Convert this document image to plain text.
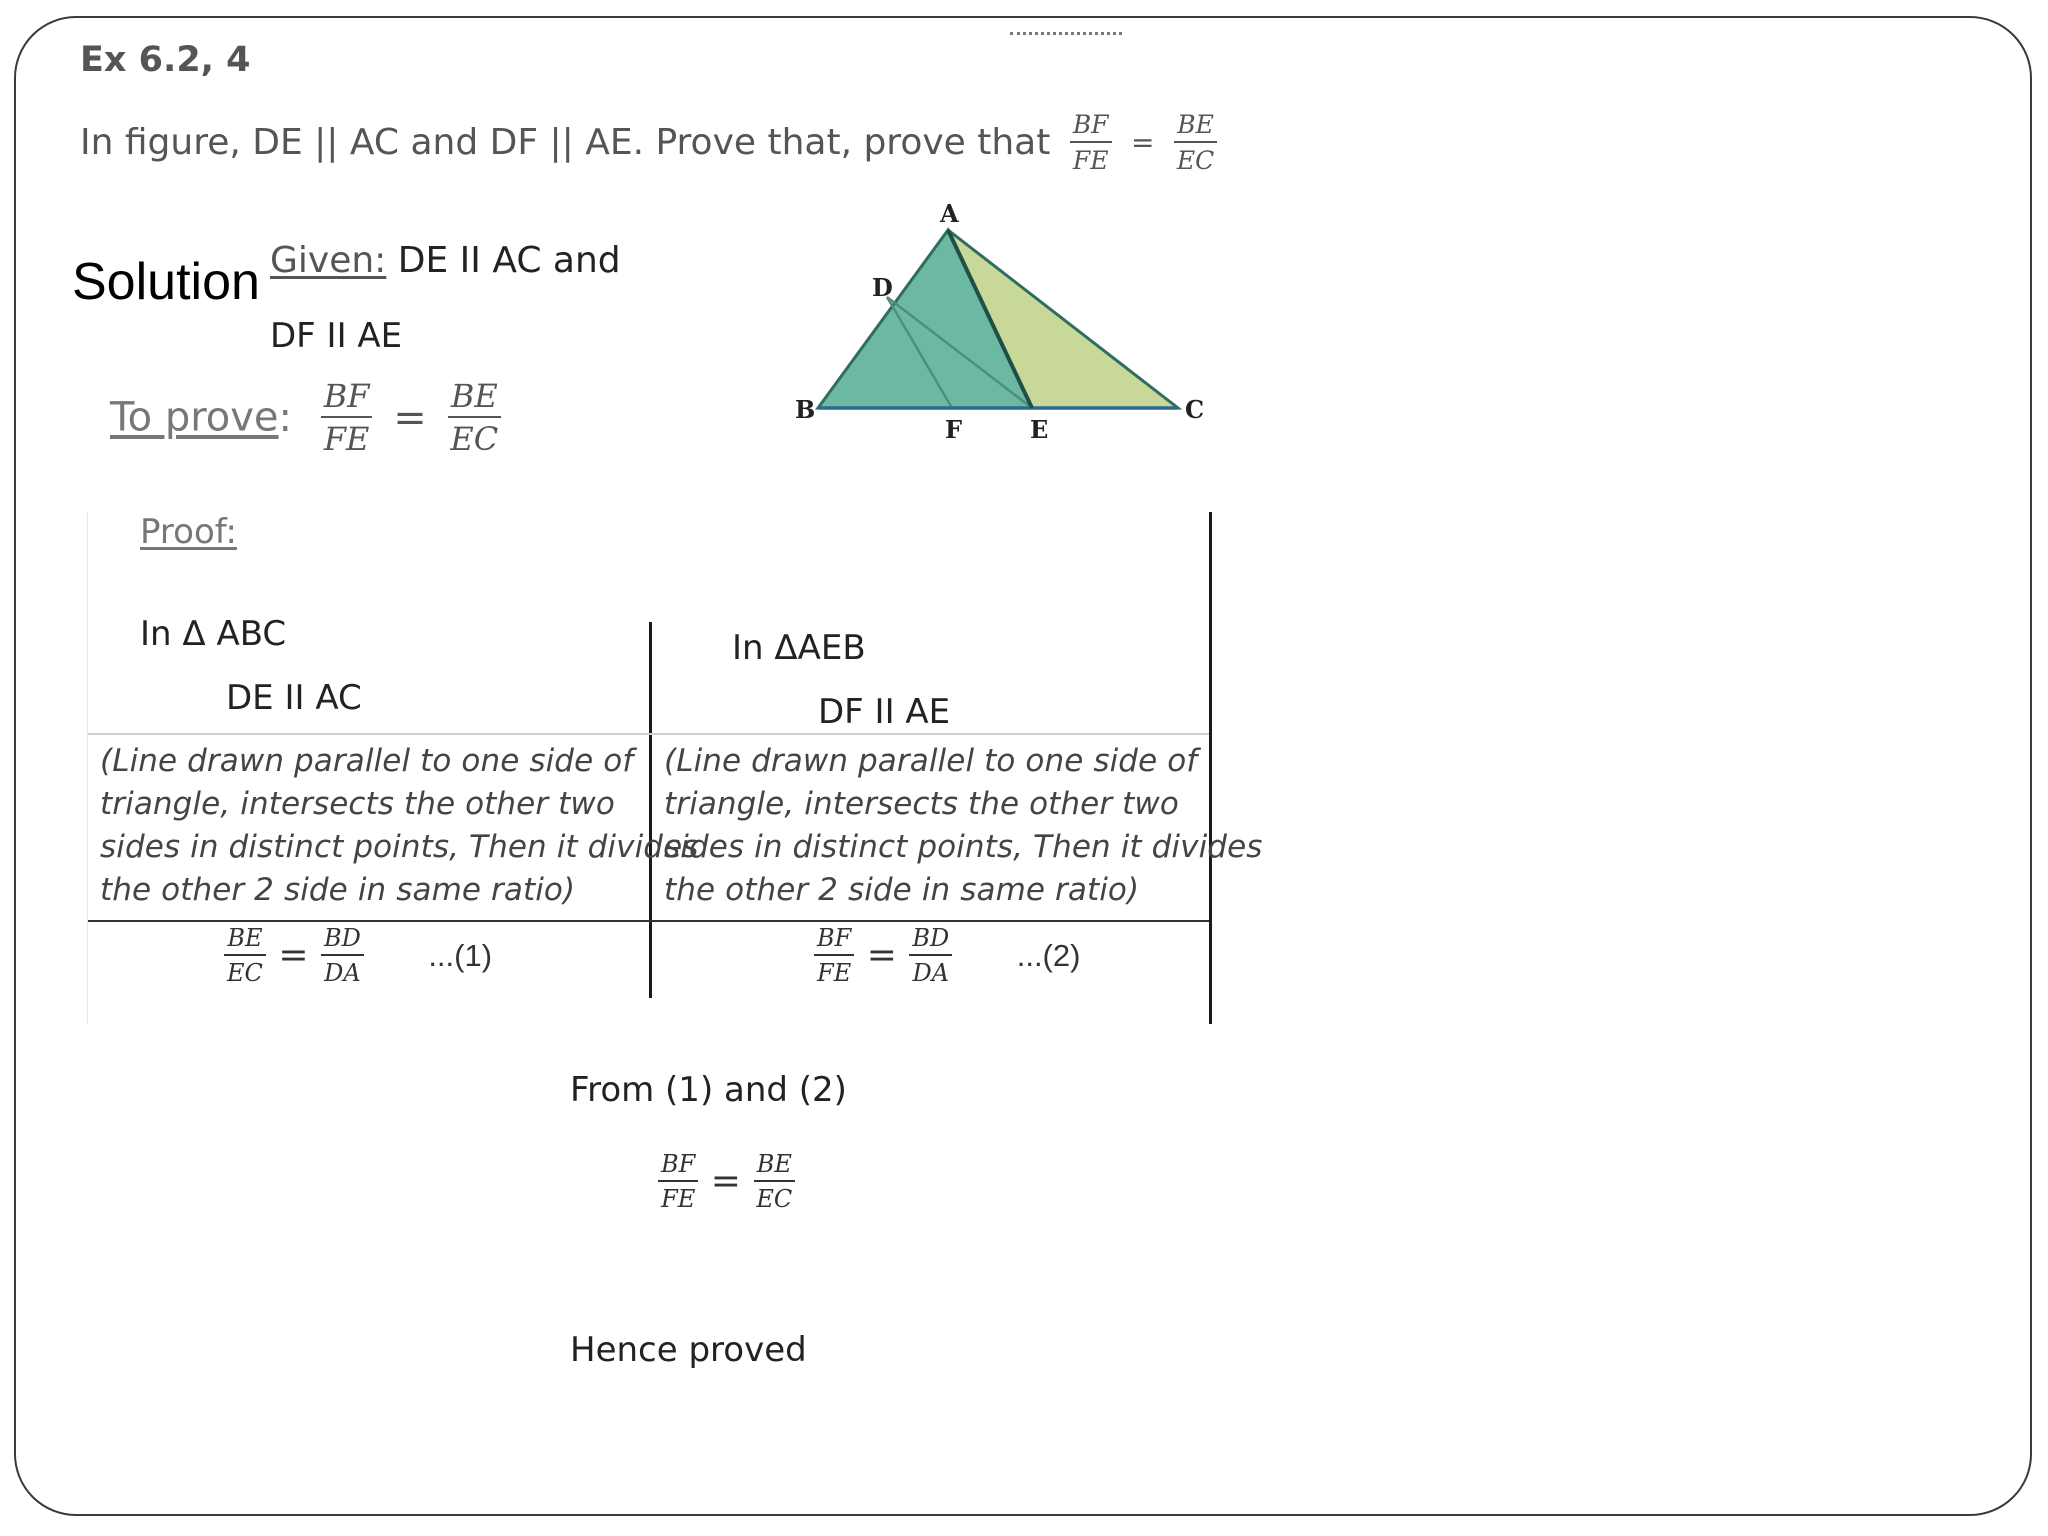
Ex 6.2, 4
In figure, DE || AC and DF || AE. Prove that, prove that $\frac{BF}{FE} = \frac{BE}{EC}$
Solution Given: DE II AC and
DF II AE
To prove: $\frac{BF}{FE} = \frac{BE}{EC}$
A
B	C
D
E
F
Proof:
In Δ ABC
DE II AC
(Line drawn parallel to one side of
triangle, intersects the other two
sides in distinct points, Then it divides
the other 2 side in same ratio)
$\frac{BE}{EC} = \frac{BD}{DA} ...(1)$
In ΔAEB
DF II AE
(Line drawn parallel to one side of
triangle, intersects the other two
sides in distinct points, Then it divides
the other 2 side in same ratio)
$\frac{BF}{FE} = \frac{BD}{DA} ...(2)$
From (1) and (2)
$\frac{BF}{FE} = \frac{BE}{EC}$
Hence proved
